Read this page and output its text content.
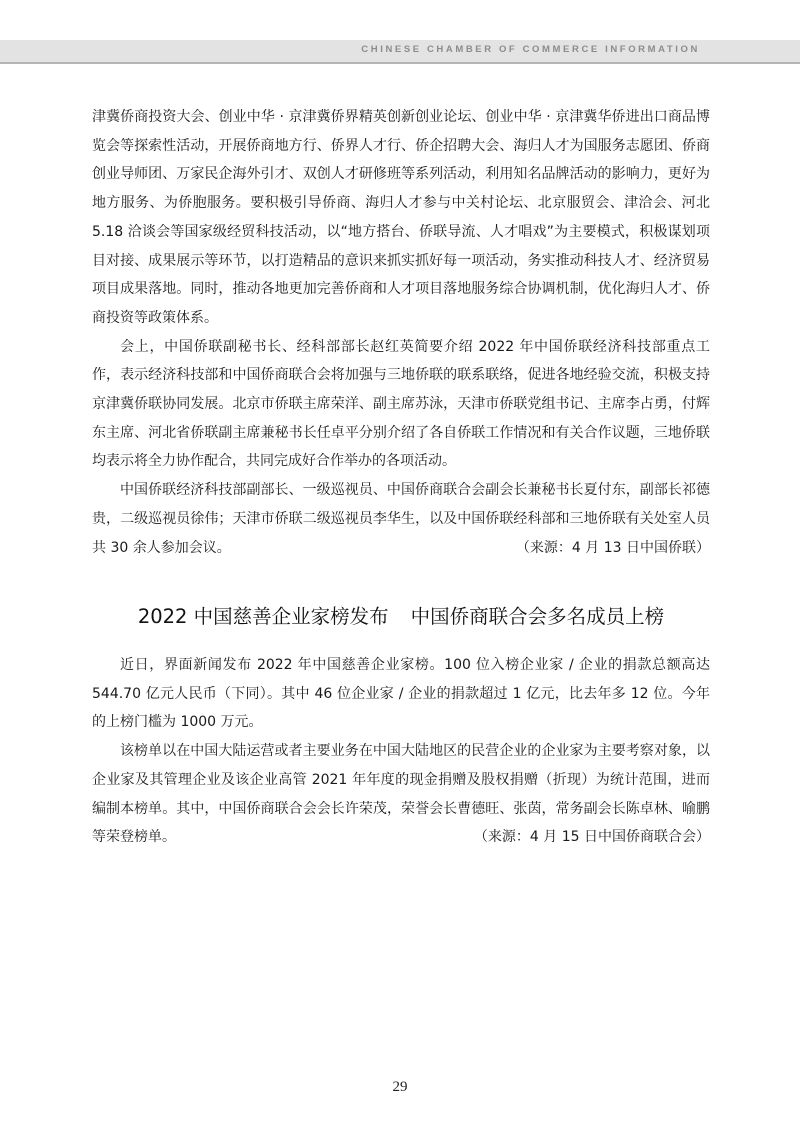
CHINESE CHAMBER OF COMMERCE INFORMATION

津冀侨商投资大会、创业中华 · 京津冀侨界精英创新创业论坛、创业中华 · 京津冀华侨进出口商品博览会等探索性活动，开展侨商地方行、侨界人才行、侨企招聘大会、海归人才为国服务志愿团、侨商创业导师团、万家民企海外引才、双创人才研修班等系列活动，利用知名品牌活动的影响力，更好为地方服务、为侨胞服务。要积极引导侨商、海归人才参与中关村论坛、北京服贸会、津洽会、河北 5.18 洽谈会等国家级经贸科技活动，以“地方搭台、侨联导流、人才唱戏”为主要模式，积极谋划项目对接、成果展示等环节，以打造精品的意识来抓实抓好每一项活动，务实推动科技人才、经济贸易项目成果落地。同时，推动各地更加完善侨商和人才项目落地服务综合协调机制，优化海归人才、侨商投资等政策体系。

会上，中国侨联副秘书长、经科部部长赵红英简要介绍 2022 年中国侨联经济科技部重点工作，表示经济科技部和中国侨商联合会将加强与三地侨联的联系联络，促进各地经验交流，积极支持京津冀侨联协同发展。北京市侨联主席荣洋、副主席苏泳，天津市侨联党组书记、主席李占勇，付辉东主席、河北省侨联副主席兼秘书长任卓平分别介绍了各自侨联工作情况和有关合作议题，三地侨联均表示将全力协作配合，共同完成好合作举办的各项活动。

中国侨联经济科技部副部长、一级巡视员、中国侨商联合会副会长兼秘书长夏付东，副部长祁德贵，二级巡视员徐伟；天津市侨联二级巡视员李华生，以及中国侨联经科部和三地侨联有关处室人员共 30 余人参加会议。	（来源：4 月 13 日中国侨联）

2022 中国慈善企业家榜发布 中国侨商联合会多名成员上榜

近日，界面新闻发布 2022 年中国慈善企业家榜。100 位入榜企业家 / 企业的捐款总额高达 544.70 亿元人民币（下同）。其中 46 位企业家 / 企业的捐款超过 1 亿元，比去年多 12 位。今年的上榜门槛为 1000 万元。

该榜单以在中国大陆运营或者主要业务在中国大陆地区的民营企业的企业家为主要考察对象，以企业家及其管理企业及该企业高管 2021 年年度的现金捐赠及股权捐赠（折现）为统计范围，进而编制本榜单。其中，中国侨商联合会会长许荣茂，荣誉会长曹德旺、张茵，常务副会长陈卓林、喻鹏等荣登榜单。	（来源：4 月 15 日中国侨商联合会）

29
